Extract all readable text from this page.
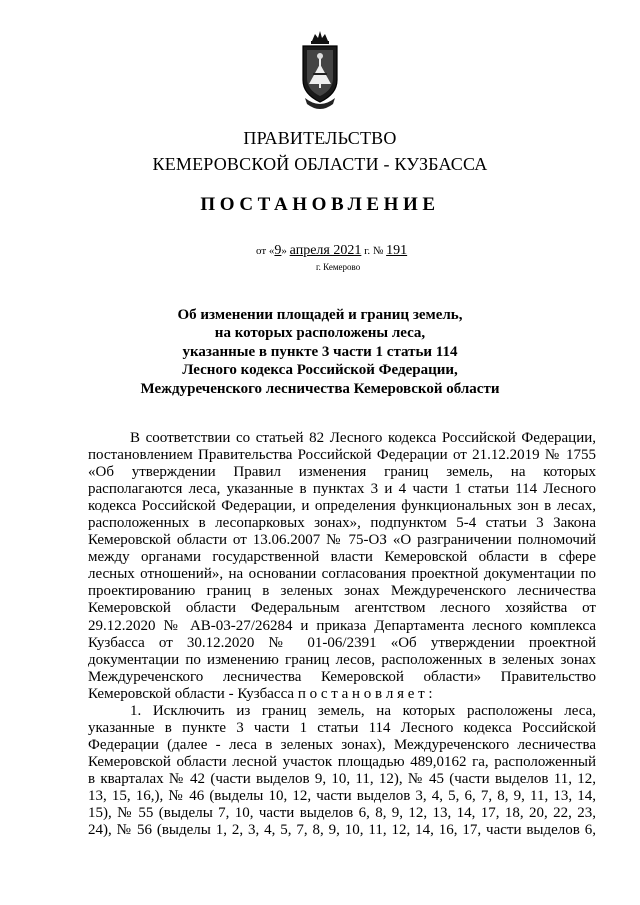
ПРАВИТЕЛЬСТВО
КЕМЕРОВСКОЙ ОБЛАСТИ - КУЗБАССА
ПОСТАНОВЛЕНИЕ
от «9» апреля 2021 г. № 191
г. Кемерово
Об изменении площадей и границ земель,
на которых расположены леса,
указанные в пункте 3 части 1 статьи 114
Лесного кодекса Российской Федерации,
Междуреченского лесничества Кемеровской области
В соответствии со статьей 82 Лесного кодекса Российской Федерации,
постановлением Правительства Российской Федерации от 21.12.2019 № 1755
«Об утверждении Правил изменения границ земель, на которых
располагаются леса, указанные в пунктах 3 и 4 части 1 статьи 114 Лесного
кодекса Российской Федерации, и определения функциональных зон в лесах,
расположенных в лесопарковых зонах», подпунктом 5-4 статьи 3 Закона
Кемеровской области от 13.06.2007 № 75-ОЗ «О разграничении полномочий
между органами государственной власти Кемеровской области в сфере
лесных отношений», на основании согласования проектной документации по
проектированию границ в зеленых зонах Междуреченского лесничества
Кемеровской области Федеральным агентством лесного хозяйства от
29.12.2020 № АВ-03-27/26284 и приказа Департамента лесного комплекса
Кузбасса от 30.12.2020 № 01-06/2391 «Об утверждении проектной
документации по изменению границ лесов, расположенных в зеленых зонах
Междуреченского лесничества Кемеровской области» Правительство
Кемеровской области - Кузбасса п о с т а н о в л я е т :
1. Исключить из границ земель, на которых расположены леса,
указанные в пункте 3 части 1 статьи 114 Лесного кодекса Российской
Федерации (далее - леса в зеленых зонах), Междуреченского лесничества
Кемеровской области лесной участок площадью 489,0162 га, расположенный
в кварталах № 42 (части выделов 9, 10, 11, 12), № 45 (части выделов 11, 12,
13, 15, 16,), № 46 (выделы 10, 12, части выделов 3, 4, 5, 6, 7, 8, 9, 11, 13, 14,
15), № 55 (выделы 7, 10, части выделов 6, 8, 9, 12, 13, 14, 17, 18, 20, 22, 23,
24), № 56 (выделы 1, 2, 3, 4, 5, 7, 8, 9, 10, 11, 12, 14, 16, 17, части выделов 6,
